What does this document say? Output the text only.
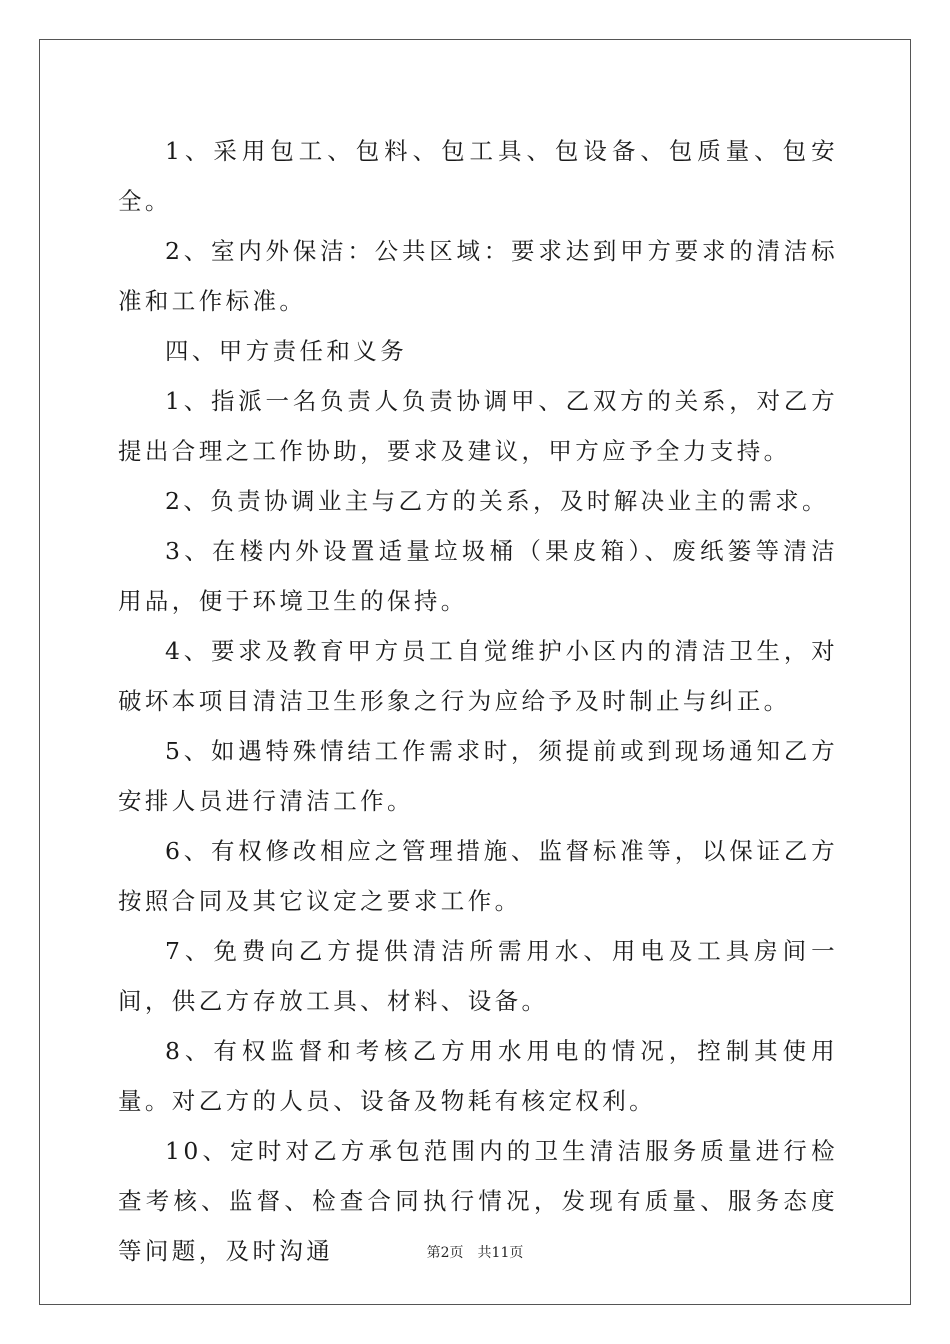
1、采用包工、包料、包工具、包设备、包质量、包安全。

2、室内外保洁：公共区域：要求达到甲方要求的清洁标准和工作标准。

四、甲方责任和义务

1、指派一名负责人负责协调甲、乙双方的关系，对乙方提出合理之工作协助，要求及建议，甲方应予全力支持。

2、负责协调业主与乙方的关系，及时解决业主的需求。

3、在楼内外设置适量垃圾桶（果皮箱）、废纸篓等清洁用品，便于环境卫生的保持。

4、要求及教育甲方员工自觉维护小区内的清洁卫生，对破坏本项目清洁卫生形象之行为应给予及时制止与纠正。

5、如遇特殊情结工作需求时，须提前或到现场通知乙方安排人员进行清洁工作。

6、有权修改相应之管理措施、监督标准等，以保证乙方按照合同及其它议定之要求工作。

7、免费向乙方提供清洁所需用水、用电及工具房间一间，供乙方存放工具、材料、设备。

8、有权监督和考核乙方用水用电的情况，控制其使用量。对乙方的人员、设备及物耗有核定权利。

10、定时对乙方承包范围内的卫生清洁服务质量进行检查考核、监督、检查合同执行情况，发现有质量、服务态度等问题，及时沟通	第2页 共11页
